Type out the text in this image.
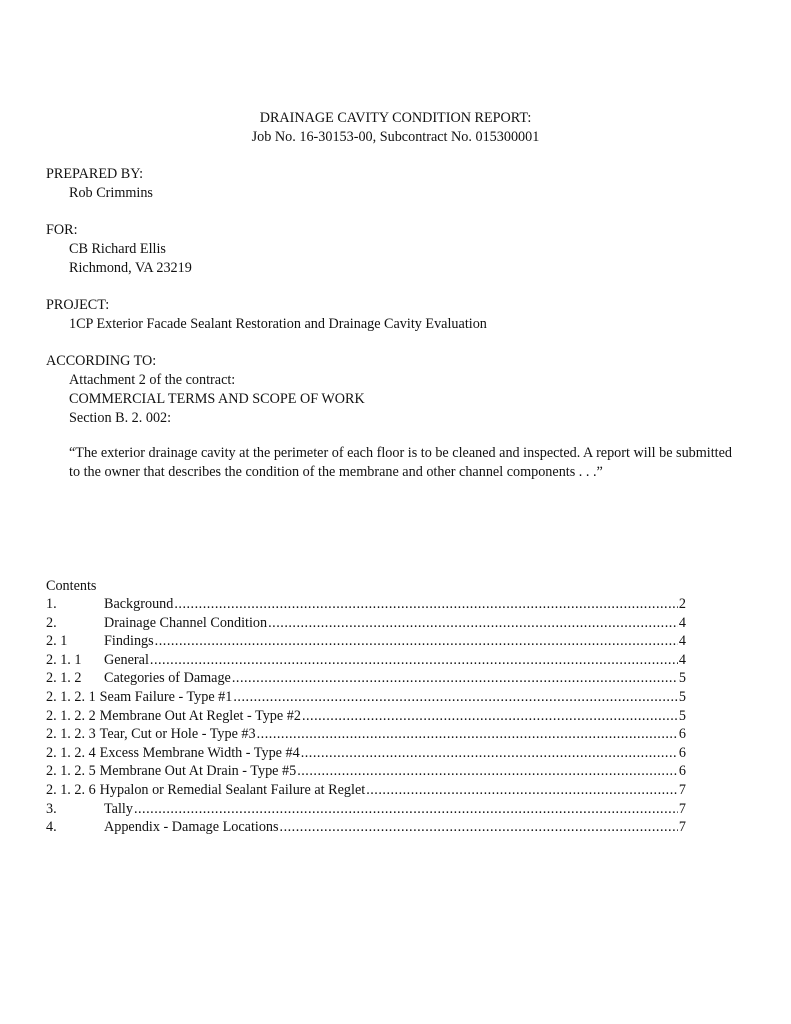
DRAINAGE CAVITY CONDITION REPORT:
Job No. 16-30153-00, Subcontract No. 015300001
PREPARED BY:
Rob Crimmins
FOR:
CB Richard Ellis
Richmond, VA 23219
PROJECT:
1CP Exterior Facade Sealant Restoration and Drainage Cavity Evaluation
ACCORDING TO:
Attachment 2 of the contract:
COMMERCIAL TERMS AND SCOPE OF WORK
Section B. 2. 002:
“The exterior drainage cavity at the perimeter of each floor is to be cleaned and inspected. A report will be submitted to the owner that describes the condition of the membrane and other channel components . . .”
Contents
1.	Background .....	2
2.	Drainage Channel Condition .....	4
2. 1	Findings .....	4
2. 1. 1	General .....	4
2. 1. 2	Categories of Damage .....	5
2. 1. 2. 1 Seam Failure - Type #1 .....	5
2. 1. 2. 2 Membrane Out At Reglet - Type #2 .....	5
2. 1. 2. 3 Tear, Cut or Hole - Type #3 .....	6
2. 1. 2. 4 Excess Membrane Width - Type #4 .....	6
2. 1. 2. 5 Membrane Out At Drain - Type #5 .....	6
2. 1. 2. 6 Hypalon or Remedial Sealant Failure at Reglet .....	7
3.	Tally .....	7
4.	Appendix - Damage Locations .....	7
